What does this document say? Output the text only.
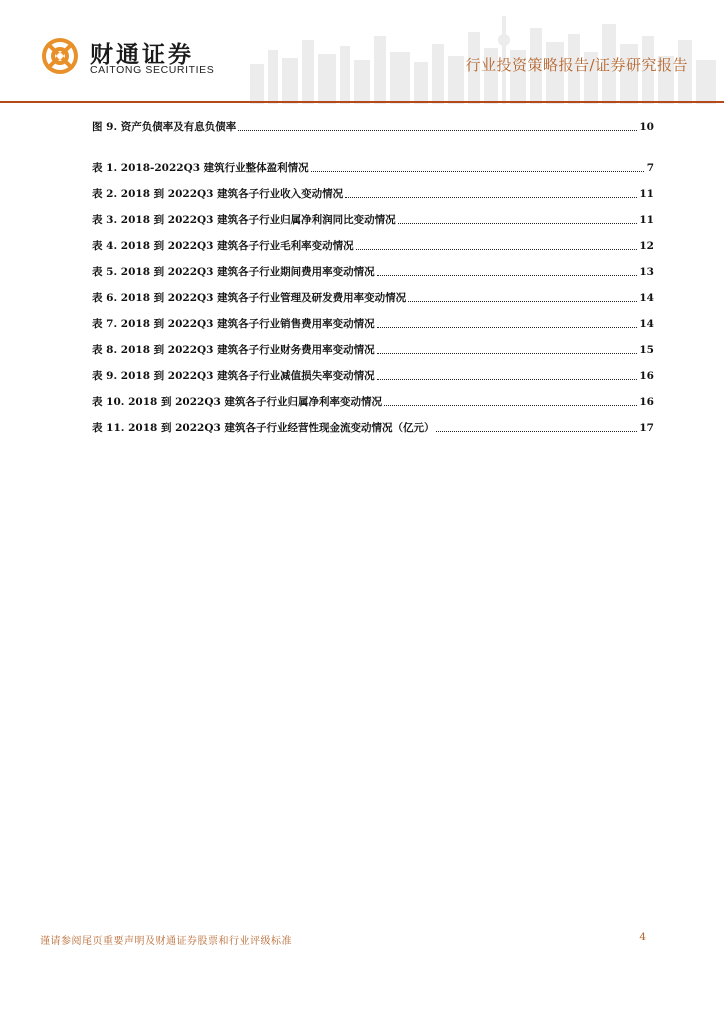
财通证券
CAITONG SECURITIES	行业投资策略报告/证券研究报告
图 9. 资产负债率及有息负债率	10
表 1. 2018-2022Q3 建筑行业整体盈利情况	7
表 2. 2018 到 2022Q3 建筑各子行业收入变动情况	11
表 3. 2018 到 2022Q3 建筑各子行业归属净利润同比变动情况	11
表 4. 2018 到 2022Q3 建筑各子行业毛利率变动情况	12
表 5. 2018 到 2022Q3 建筑各子行业期间费用率变动情况	13
表 6. 2018 到 2022Q3 建筑各子行业管理及研发费用率变动情况	14
表 7. 2018 到 2022Q3 建筑各子行业销售费用率变动情况	14
表 8. 2018 到 2022Q3 建筑各子行业财务费用率变动情况	15
表 9. 2018 到 2022Q3 建筑各子行业减值损失率变动情况	16
表 10. 2018 到 2022Q3 建筑各子行业归属净利率变动情况	16
表 11. 2018 到 2022Q3 建筑各子行业经营性现金流变动情况（亿元）	17
谨请参阅尾页重要声明及财通证券股票和行业评级标准	4
